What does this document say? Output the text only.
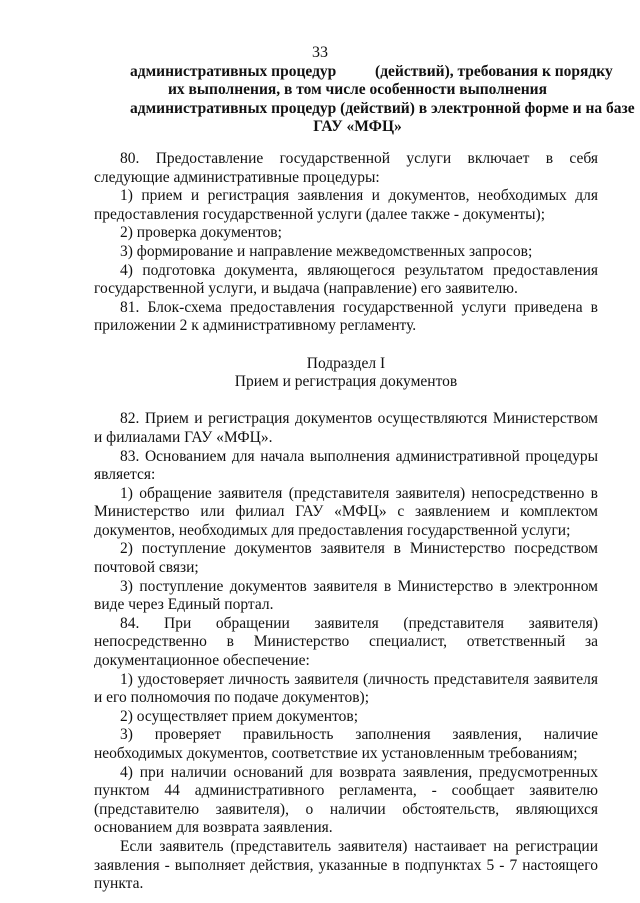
33
административных процедур          (действий), требования к порядку
их выполнения, в том числе особенности выполнения
административных процедур (действий) в электронной форме и на базе
ГАУ «МФЦ»

80. Предоставление государственной услуги включает в себя следующие административные процедуры:

1) прием и регистрация заявления и документов, необходимых для предоставления государственной услуги (далее также - документы);

2) проверка документов;

3) формирование и направление межведомственных запросов;

4) подготовка документа, являющегося результатом предоставления государственной услуги, и выдача (направление) его заявителю.

81. Блок-схема предоставления государственной услуги приведена в приложении 2 к административному регламенту.

Подраздел I

Прием и регистрация документов

82. Прием и регистрация документов осуществляются Министерством и филиалами ГАУ «МФЦ».

83. Основанием для начала выполнения административной процедуры является:

1) обращение заявителя (представителя заявителя) непосредственно в Министерство или филиал ГАУ «МФЦ» с заявлением и комплектом документов, необходимых для предоставления государственной услуги;

2) поступление документов заявителя в Министерство посредством почтовой связи;

3) поступление документов заявителя в Министерство в электронном виде через Единый портал.

84. При обращении заявителя (представителя заявителя) непосредственно в Министерство специалист, ответственный за документационное обеспечение:

1) удостоверяет личность заявителя (личность представителя заявителя и его полномочия по подаче документов);

2) осуществляет прием документов;

3) проверяет правильность заполнения заявления, наличие необходимых документов, соответствие их установленным требованиям;

4) при наличии оснований для возврата заявления, предусмотренных пунктом 44 административного регламента, - сообщает заявителю (представителю заявителя), о наличии обстоятельств, являющихся основанием для возврата заявления.

Если заявитель (представитель заявителя) настаивает на регистрации заявления - выполняет действия, указанные в подпунктах 5 - 7 настоящего пункта.
